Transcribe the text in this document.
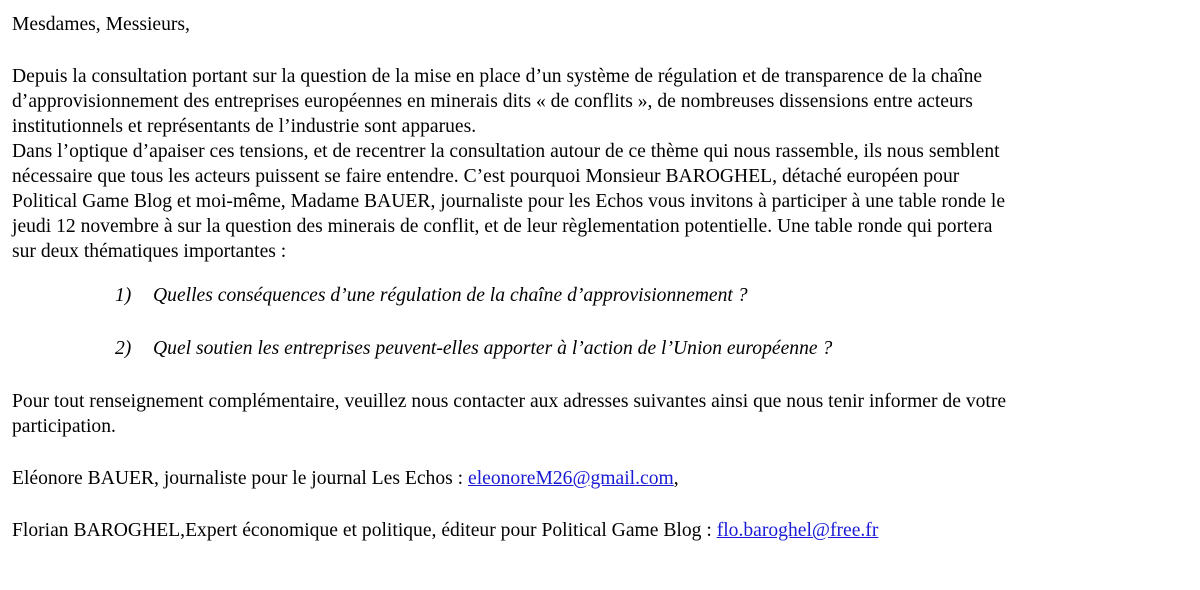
Mesdames, Messieurs,
Depuis la consultation portant sur la question de la mise en place d’un système de régulation et de transparence de la chaîne
d’approvisionnement des entreprises européennes en minerais dits « de conflits », de nombreuses dissensions entre acteurs
institutionnels et représentants de l’industrie sont apparues.
Dans l’optique d’apaiser ces tensions, et de recentrer la consultation autour de ce thème qui nous rassemble, ils nous semblent
nécessaire que tous les acteurs puissent se faire entendre. C’est pourquoi Monsieur BAROGHEL, détaché européen pour
Political Game Blog et moi-même, Madame BAUER, journaliste pour les Echos vous invitons à participer à une table ronde le
jeudi 12 novembre à sur la question des minerais de conflit, et de leur règlementation potentielle. Une table ronde qui portera
sur deux thématiques importantes :
1) Quelles conséquences d’une régulation de la chaîne d’approvisionnement ?
2) Quel soutien les entreprises peuvent-elles apporter à l’action de l’Union européenne ?
Pour tout renseignement complémentaire, veuillez nous contacter aux adresses suivantes ainsi que nous tenir informer de votre
participation.
Eléonore BAUER, journaliste pour le journal Les Echos : eleonoreM26@gmail.com,
Florian BAROGHEL,Expert économique et politique, éditeur pour Political Game Blog : flo.baroghel@free.fr
